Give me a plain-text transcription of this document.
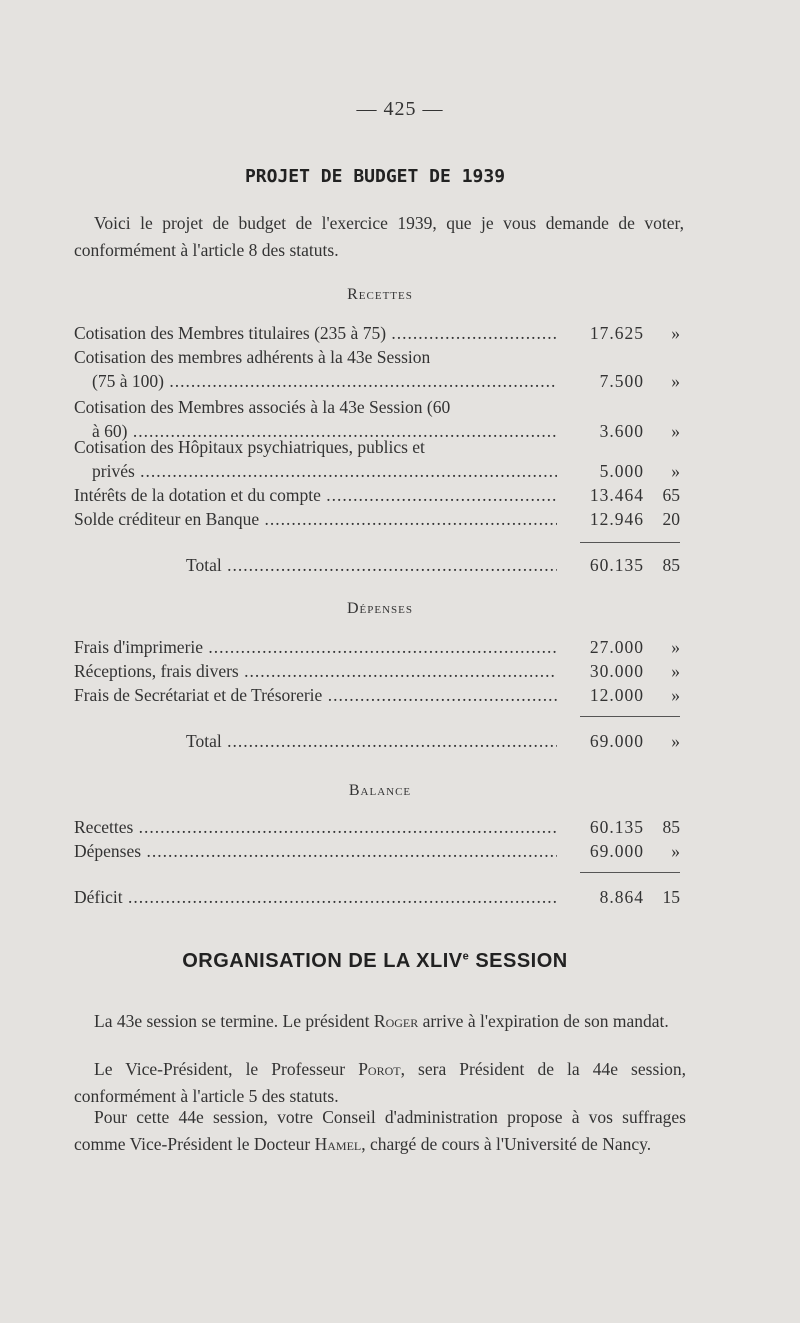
— 425 —
PROJET DE BUDGET DE 1939
Voici le projet de budget de l'exercice 1939, que je vous demande de voter, conformément à l'article 8 des statuts.
Recettes
Cotisation des Membres titulaires (235 à 75) .....	17.625 »
Cotisation des membres adhérents à la 43e Session
(75 à 100) .....	7.500 »
Cotisation des Membres associés à la 43e Session (60
à 60) .....	3.600 »
Cotisation des Hôpitaux psychiatriques, publics et
privés .....	5.000 »
Intérêts de la dotation et du compte .....	13.464 65
Solde créditeur en Banque .....	12.946 20
Total .....	60.135 85
Dépenses
Frais d'imprimerie .....	27.000 »
Réceptions, frais divers .....	30.000 »
Frais de Secrétariat et de Trésorerie .....	12.000 »
Total .....	69.000 »
Balance
Recettes .....	60.135 85
Dépenses .....	69.000 »
Déficit .....	8.864 15
ORGANISATION DE LA XLIVe SESSION
La 43e session se termine. Le président Roger arrive à l'expiration de son mandat.
Le Vice-Président, le Professeur Porot, sera Président de la 44e session, conformément à l'article 5 des statuts.
Pour cette 44e session, votre Conseil d'administration propose à vos suffrages comme Vice-Président le Docteur Hamel, chargé de cours à l'Université de Nancy.
